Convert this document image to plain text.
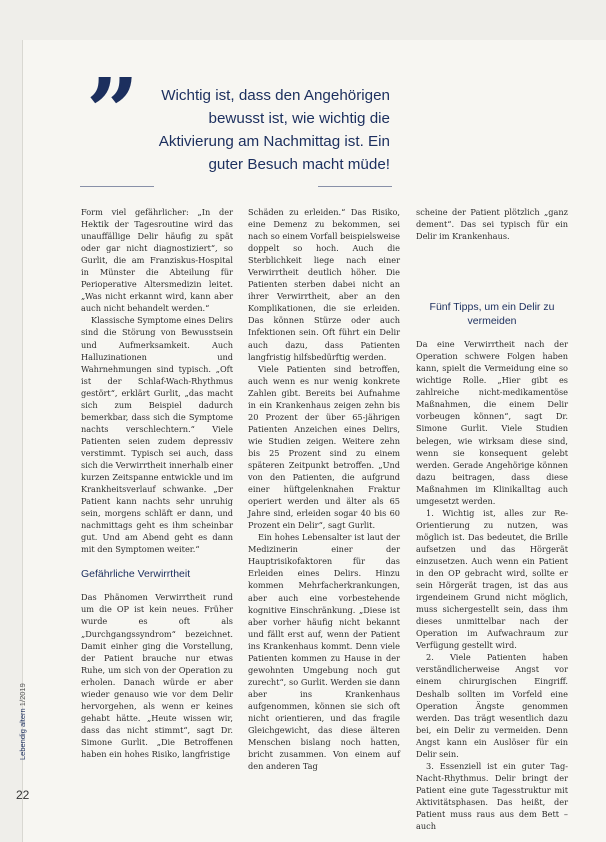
”	Wichtig ist, dass den Angehörigen bewusst ist, wie wichtig die Aktivierung am Nachmittag ist. Ein guter Besuch macht müde!

Form viel gefährlicher: „In der Hektik der Tagesroutine wird das unauffällige Delir häufig zu spät oder gar nicht diagnostiziert“, so Gurlit, die am Franziskus-Hospital in Münster die Abteilung für Perioperative Altersmedizin leitet. „Was nicht erkannt wird, kann aber auch nicht behandelt werden.“

Klassische Symptome eines Delirs sind die Störung von Bewusstsein und Aufmerksamkeit. Auch Halluzinationen und Wahrnehmungen sind typisch. „Oft ist der Schlaf-Wach-Rhythmus gestört“, erklärt Gurlit, „das macht sich zum Beispiel dadurch bemerkbar, dass sich die Symptome nachts verschlechtern.“ Viele Patienten seien zudem depressiv verstimmt. Typisch sei auch, dass sich die Verwirrtheit innerhalb einer kurzen Zeitspanne entwickle und im Krankheitsverlauf schwanke. „Der Patient kann nachts sehr unruhig sein, morgens schläft er dann, und nachmittags geht es ihm scheinbar gut. Und am Abend geht es dann mit den Symptomen weiter.“

Gefährliche Verwirrtheit

Das Phänomen Verwirrtheit rund um die OP ist kein neues. Früher wurde es oft als „Durchgangssyndrom“ bezeichnet. Damit einher ging die Vorstellung, der Patient brauche nur etwas Ruhe, um sich von der Operation zu erholen. Danach würde er aber wieder genauso wie vor dem Delir hervorgehen, als wenn er keines gehabt hätte. „Heute wissen wir, dass das nicht stimmt“, sagt Dr. Simone Gurlit. „Die Betroffenen haben ein hohes Risiko, langfristige

Schäden zu erleiden.“ Das Risiko, eine Demenz zu bekommen, sei nach so einem Vorfall beispielsweise doppelt so hoch. Auch die Sterblichkeit liege nach einer Verwirrtheit deutlich höher. Die Patienten sterben dabei nicht an ihrer Verwirrtheit, aber an den Komplikationen, die sie erleiden. Das können Stürze oder auch Infektionen sein. Oft führt ein Delir auch dazu, dass Patienten langfristig hilfsbedürftig werden.

Viele Patienten sind betroffen, auch wenn es nur wenig konkrete Zahlen gibt. Bereits bei Aufnahme in ein Krankenhaus zeigen zehn bis 20 Prozent der über 65-jährigen Patienten Anzeichen eines Delirs, wie Studien zeigen. Weitere zehn bis 25 Prozent sind zu einem späteren Zeitpunkt betroffen. „Und von den Patienten, die aufgrund einer hüftgelenknahen Fraktur operiert werden und älter als 65 Jahre sind, erleiden sogar 40 bis 60 Prozent ein Delir“, sagt Gurlit.

Ein hohes Lebensalter ist laut der Medizinerin einer der Hauptrisikofaktoren für das Erleiden eines Delirs. Hinzu kommen Mehrfacherkrankungen, aber auch eine vorbestehende kognitive Einschränkung. „Diese ist aber vorher häufig nicht bekannt und fällt erst auf, wenn der Patient ins Krankenhaus kommt. Denn viele Patienten kommen zu Hause in der gewohnten Umgebung noch gut zurecht“, so Gurlit. Werden sie dann aber ins Krankenhaus aufgenommen, können sie sich oft nicht orientieren, und das fragile Gleichgewicht, das diese älteren Menschen bislang noch hatten, bricht zusammen. Von einem auf den anderen Tag

scheine der Patient plötzlich „ganz dement“. Das sei typisch für ein Delir im Krankenhaus.

Fünf Tipps, um ein Delir zu vermeiden

Da eine Verwirrtheit nach der Operation schwere Folgen haben kann, spielt die Vermeidung eine so wichtige Rolle. „Hier gibt es zahlreiche nicht-medikamentöse Maßnahmen, die einem Delir vorbeugen können“, sagt Dr. Simone Gurlit. Viele Studien belegen, wie wirksam diese sind, wenn sie konsequent gelebt werden. Gerade Angehörige können dazu beitragen, dass diese Maßnahmen im Klinikalltag auch umgesetzt werden.

1. Wichtig ist, alles zur Re-Orientierung zu nutzen, was möglich ist. Das bedeutet, die Brille aufsetzen und das Hörgerät einzusetzen. Auch wenn ein Patient in den OP gebracht wird, sollte er sein Hörgerät tragen, ist das aus irgendeinem Grund nicht möglich, muss sichergestellt sein, dass ihm dieses unmittelbar nach der Operation im Aufwachraum zur Verfügung gestellt wird.

2. Viele Patienten haben verständlicherweise Angst vor einem chirurgischen Eingriff. Deshalb sollten im Vorfeld eine Operation Ängste genommen werden. Das trägt wesentlich dazu bei, ein Delir zu vermeiden. Denn Angst kann ein Auslöser für ein Delir sein.

3. Essenziell ist ein guter Tag-Nacht-Rhythmus. Delir bringt der Patient eine gute Tagesstruktur mit Aktivitätsphasen. Das heißt, der Patient muss raus aus dem Bett – auch

Lebendig altern 1/2019
22
